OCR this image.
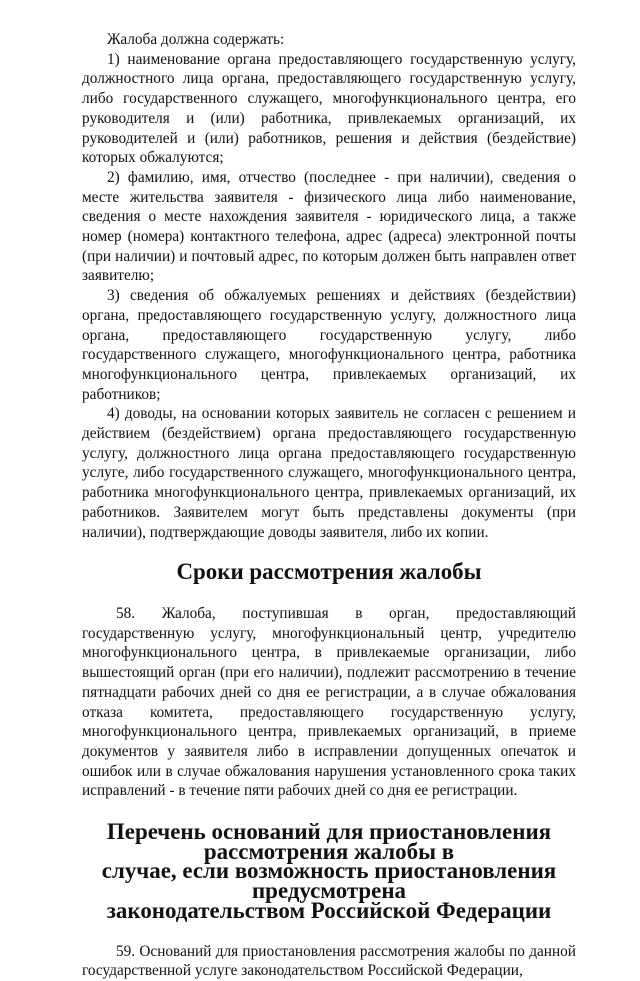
Жалоба должна содержать:

1) наименование органа предоставляющего государственную услугу, должностного лица органа, предоставляющего государственную услугу, либо государственного служащего, многофункционального центра, его руководителя и (или) работника, привлекаемых организаций, их руководителей и (или) работников, решения и действия (бездействие) которых обжалуются;

2) фамилию, имя, отчество (последнее - при наличии), сведения о месте жительства заявителя - физического лица либо наименование, сведения о месте нахождения заявителя - юридического лица, а также номер (номера) контактного телефона, адрес (адреса) электронной почты (при наличии) и почтовый адрес, по которым должен быть направлен ответ заявителю;

3) сведения об обжалуемых решениях и действиях (бездействии) органа, предоставляющего государственную услугу, должностного лица органа, предоставляющего государственную услугу, либо государственного служащего, многофункционального центра, работника многофункционального центра, привлекаемых организаций, их работников;

4) доводы, на основании которых заявитель не согласен с решением и действием (бездействием) органа предоставляющего государственную услугу, должностного лица органа предоставляющего государственную услуге, либо государственного служащего, многофункционального центра, работника многофункционального центра, привлекаемых организаций, их работников. Заявителем могут быть представлены документы (при наличии), подтверждающие доводы заявителя, либо их копии.

Сроки рассмотрения жалобы

58. Жалоба, поступившая в орган, предоставляющий государственную услугу, многофункциональный центр, учредителю многофункционального центра, в привлекаемые организации, либо вышестоящий орган (при его наличии), подлежит рассмотрению в течение пятнадцати рабочих дней со дня ее регистрации, а в случае обжалования отказа комитета, предоставляющего государственную услугу, многофункционального центра, привлекаемых организаций, в приеме документов у заявителя либо в исправлении допущенных опечаток и ошибок или в случае обжалования нарушения установленного срока таких исправлений - в течение пяти рабочих дней со дня ее регистрации.

Перечень оснований для приостановления рассмотрения жалобы в
случае, если возможность приостановления предусмотрена
законодательством Российской Федерации

59. Оснований для приостановления рассмотрения жалобы по данной государственной услуге законодательством Российской Федерации,
